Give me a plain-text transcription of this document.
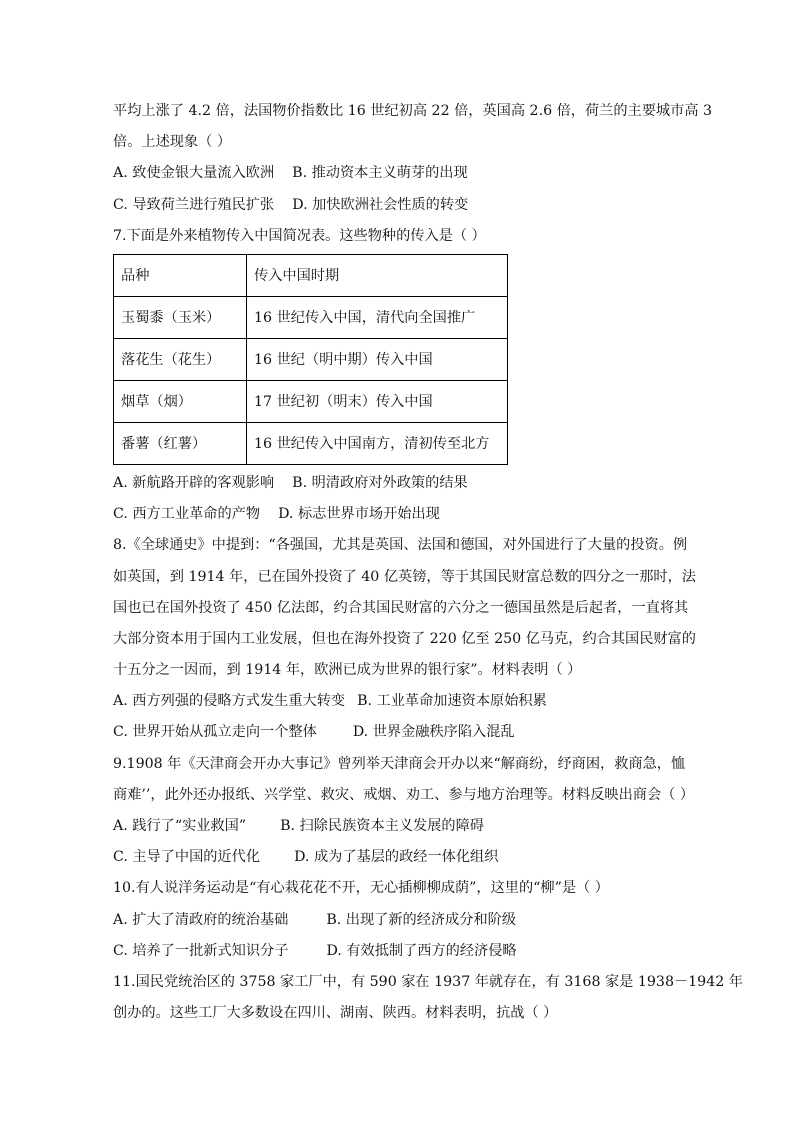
平均上涨了 4.2 倍，法国物价指数比 16 世纪初高 22 倍，英国高 2.6 倍，荷兰的主要城市高 3
倍。上述现象（ ）
A. 致使金银大量流入欧洲 B. 推动资本主义萌芽的出现
C. 导致荷兰进行殖民扩张 D. 加快欧洲社会性质的转变
7.下面是外来植物传入中国简况表。这些物种的传入是（ ）
品种	传入中国时期
玉蜀黍（玉米）	16 世纪传入中国，清代向全国推广
落花生（花生）	16 世纪（明中期）传入中国
烟草（烟）	17 世纪初（明末）传入中国
番薯（红薯）	16 世纪传入中国南方，清初传至北方
A. 新航路开辟的客观影响 B. 明清政府对外政策的结果
C. 西方工业革命的产物 D. 标志世界市场开始出现
8.《全球通史》中提到：“各强国，尤其是英国、法国和德国，对外国进行了大量的投资。例
如英国，到 1914 年，已在国外投资了 40 亿英镑，等于其国民财富总数的四分之一那时，法
国也已在国外投资了 450 亿法郎，约合其国民财富的六分之一德国虽然是后起者，一直将其
大部分资本用于国内工业发展，但也在海外投资了 220 亿至 250 亿马克，约合其国民财富的
十五分之一因而，到 1914 年，欧洲已成为世界的银行家”。材料表明（ ）
A. 西方列强的侵略方式发生重大转变 B. 工业革命加速资本原始积累
C. 世界开始从孤立走向一个整体	D. 世界金融秩序陷入混乱
9.1908 年《天津商会开办大事记》曾列举天津商会开办以来“解商纷，纾商困，救商急，恤
商难’’，此外还办报纸、兴学堂、救灾、戒烟、劝工、参与地方治理等。材料反映出商会（ ）
A. 践行了“实业救国” B. 扫除民族资本主义发展的障碍
C. 主导了中国的近代化 D. 成为了基层的政经一体化组织
10.有人说洋务运动是“有心栽花花不开，无心插柳柳成荫”，这里的“柳”是（ ）
A. 扩大了清政府的统治基础	B. 出现了新的经济成分和阶级
C. 培养了一批新式知识分子	D. 有效抵制了西方的经济侵略
11.国民党统治区的 3758 家工厂中，有 590 家在 1937 年就存在，有 3168 家是 1938－1942 年
创办的。这些工厂大多数设在四川、湖南、陕西。材料表明，抗战（ ）
